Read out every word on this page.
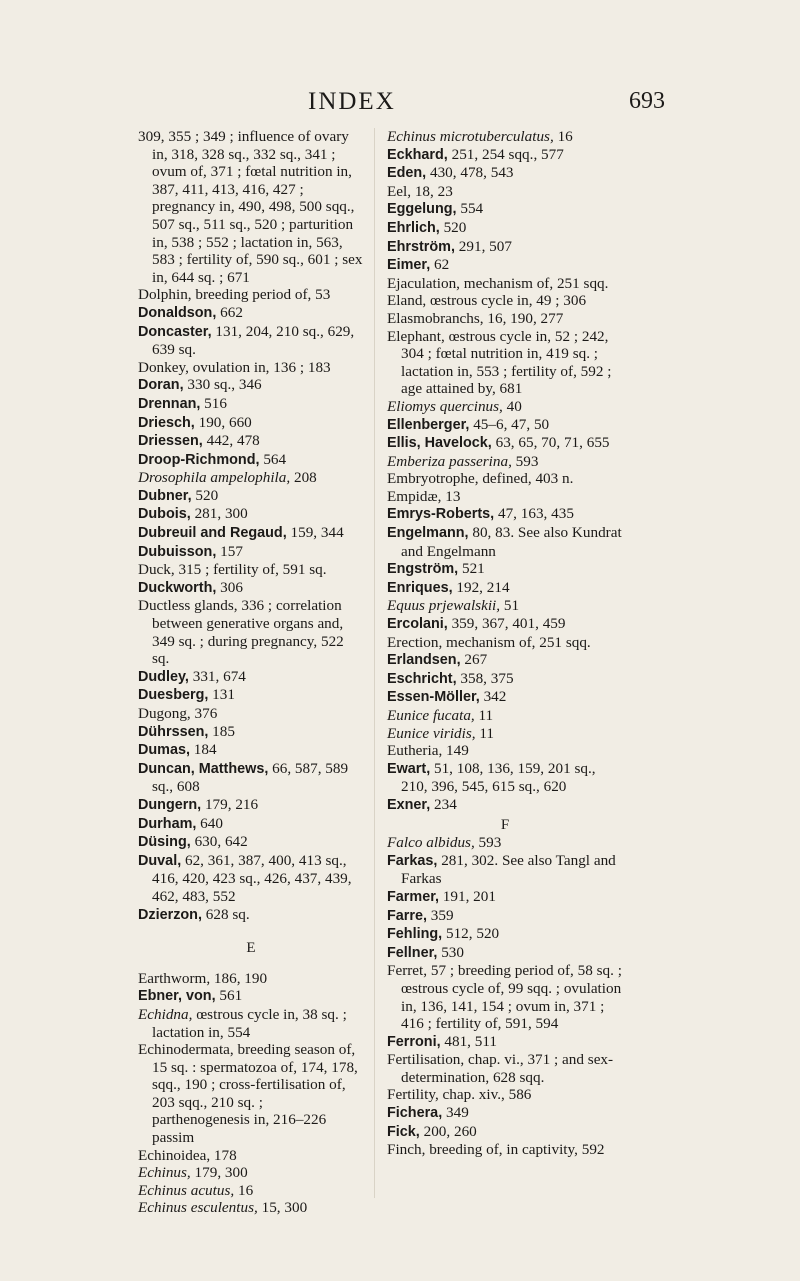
INDEX	693

309, 355 ; 349 ; influence of ovary in, 318, 328 sq., 332 sq., 341 ; ovum of, 371 ; fœtal nutrition in, 387, 411, 413, 416, 427 ; pregnancy in, 490, 498, 500 sqq., 507 sq., 511 sq., 520 ; parturition in, 538 ; 552 ; lactation in, 563, 583 ; fertility of, 590 sq., 601 ; sex in, 644 sq. ; 671

Dolphin, breeding period of, 53

Donaldson, 662

Doncaster, 131, 204, 210 sq., 629, 639 sq.

Donkey, ovulation in, 136 ; 183

Doran, 330 sq., 346

Drennan, 516

Driesch, 190, 660

Driessen, 442, 478

Droop-Richmond, 564

Drosophila ampelophila, 208

Dubner, 520

Dubois, 281, 300

Dubreuil and Regaud, 159, 344

Dubuisson, 157

Duck, 315 ; fertility of, 591 sq.

Duckworth, 306

Ductless glands, 336 ; correlation between generative organs and, 349 sq. ; during pregnancy, 522 sq.

Dudley, 331, 674

Duesberg, 131

Dugong, 376

Dührssen, 185

Dumas, 184

Duncan, Matthews, 66, 587, 589 sq., 608

Dungern, 179, 216

Durham, 640

Düsing, 630, 642

Duval, 62, 361, 387, 400, 413 sq., 416, 420, 423 sq., 426, 437, 439, 462, 483, 552

Dzierzon, 628 sq.

E

Earthworm, 186, 190

Ebner, von, 561

Echidna, œstrous cycle in, 38 sq. ; lactation in, 554

Echinodermata, breeding season of, 15 sq. : spermatozoa of, 174, 178, sqq., 190 ; cross-fertilisation of, 203 sqq., 210 sq. ; parthenogenesis in, 216–226 passim

Echinoidea, 178

Echinus, 179, 300

Echinus acutus, 16

Echinus esculentus, 15, 300

Echinus microtuberculatus, 16

Eckhard, 251, 254 sqq., 577

Eden, 430, 478, 543

Eel, 18, 23

Eggelung, 554

Ehrlich, 520

Ehrström, 291, 507

Eimer, 62

Ejaculation, mechanism of, 251 sqq.

Eland, œstrous cycle in, 49 ; 306

Elasmobranchs, 16, 190, 277

Elephant, œstrous cycle in, 52 ; 242, 304 ; fœtal nutrition in, 419 sq. ; lactation in, 553 ; fertility of, 592 ; age attained by, 681

Eliomys quercinus, 40

Ellenberger, 45–6, 47, 50

Ellis, Havelock, 63, 65, 70, 71, 655

Emberiza passerina, 593

Embryotrophe, defined, 403 n.

Empidæ, 13

Emrys-Roberts, 47, 163, 435

Engelmann, 80, 83. See also Kundrat and Engelmann

Engström, 521

Enriques, 192, 214

Equus prjewalskii, 51

Ercolani, 359, 367, 401, 459

Erection, mechanism of, 251 sqq.

Erlandsen, 267

Eschricht, 358, 375

Essen-Möller, 342

Eunice fucata, 11

Eunice viridis, 11

Eutheria, 149

Ewart, 51, 108, 136, 159, 201 sq., 210, 396, 545, 615 sq., 620

Exner, 234

F

Falco albidus, 593

Farkas, 281, 302. See also Tangl and Farkas

Farmer, 191, 201

Farre, 359

Fehling, 512, 520

Fellner, 530

Ferret, 57 ; breeding period of, 58 sq. ; œstrous cycle of, 99 sqq. ; ovulation in, 136, 141, 154 ; ovum in, 371 ; 416 ; fertility of, 591, 594

Ferroni, 481, 511

Fertilisation, chap. vi., 371 ; and sex-determination, 628 sqq.

Fertility, chap. xiv., 586

Fichera, 349

Fick, 200, 260

Finch, breeding of, in captivity, 592
